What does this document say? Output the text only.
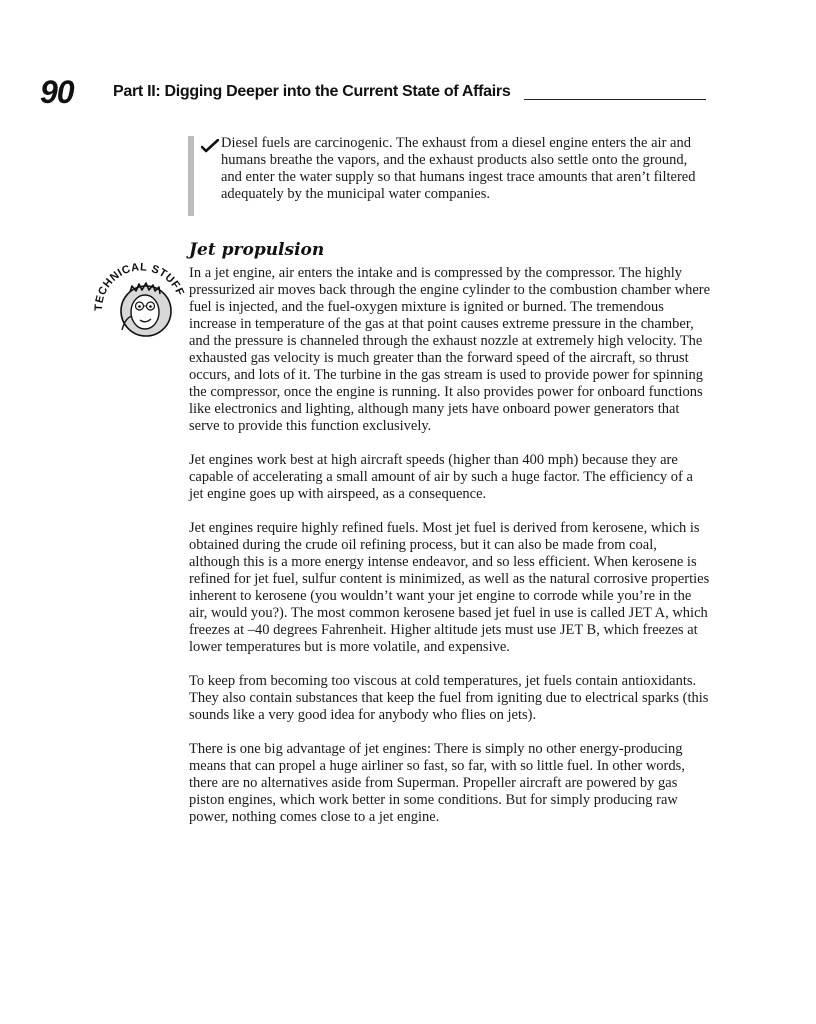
90 Part II: Digging Deeper into the Current State of Affairs
Diesel fuels are carcinogenic. The exhaust from a diesel engine enters the air and humans breathe the vapors, and the exhaust products also settle onto the ground, and enter the water supply so that humans ingest trace amounts that aren’t filtered adequately by the municipal water companies.
Jet propulsion
TECHNICAL STUFF

In a jet engine, air enters the intake and is compressed by the compressor. The highly pressurized air moves back through the engine cylinder to the combustion chamber where fuel is injected, and the fuel-oxygen mixture is ignited or burned. The tremendous increase in temperature of the gas at that point causes extreme pressure in the chamber, and the pressure is channeled through the exhaust nozzle at extremely high velocity. The exhausted gas velocity is much greater than the forward speed of the aircraft, so thrust occurs, and lots of it. The turbine in the gas stream is used to provide power for spinning the compressor, once the engine is running. It also provides power for onboard functions like electronics and lighting, although many jets have onboard power generators that serve to provide this function exclusively.

Jet engines work best at high aircraft speeds (higher than 400 mph) because they are capable of accelerating a small amount of air by such a huge factor. The efficiency of a jet engine goes up with airspeed, as a consequence.

Jet engines require highly refined fuels. Most jet fuel is derived from kerosene, which is obtained during the crude oil refining process, but it can also be made from coal, although this is a more energy intense endeavor, and so less efficient. When kerosene is refined for jet fuel, sulfur content is minimized, as well as the natural corrosive properties inherent to kerosene (you wouldn’t want your jet engine to corrode while you’re in the air, would you?). The most common kerosene based jet fuel in use is called JET A, which freezes at –40 degrees Fahrenheit. Higher altitude jets must use JET B, which freezes at lower temperatures but is more volatile, and expensive.

To keep from becoming too viscous at cold temperatures, jet fuels contain antioxidants. They also contain substances that keep the fuel from igniting due to electrical sparks (this sounds like a very good idea for anybody who flies on jets).

There is one big advantage of jet engines: There is simply no other energy-producing means that can propel a huge airliner so fast, so far, with so little fuel. In other words, there are no alternatives aside from Superman. Propeller aircraft are powered by gas piston engines, which work better in some conditions. But for simply producing raw power, nothing comes close to a jet engine.
